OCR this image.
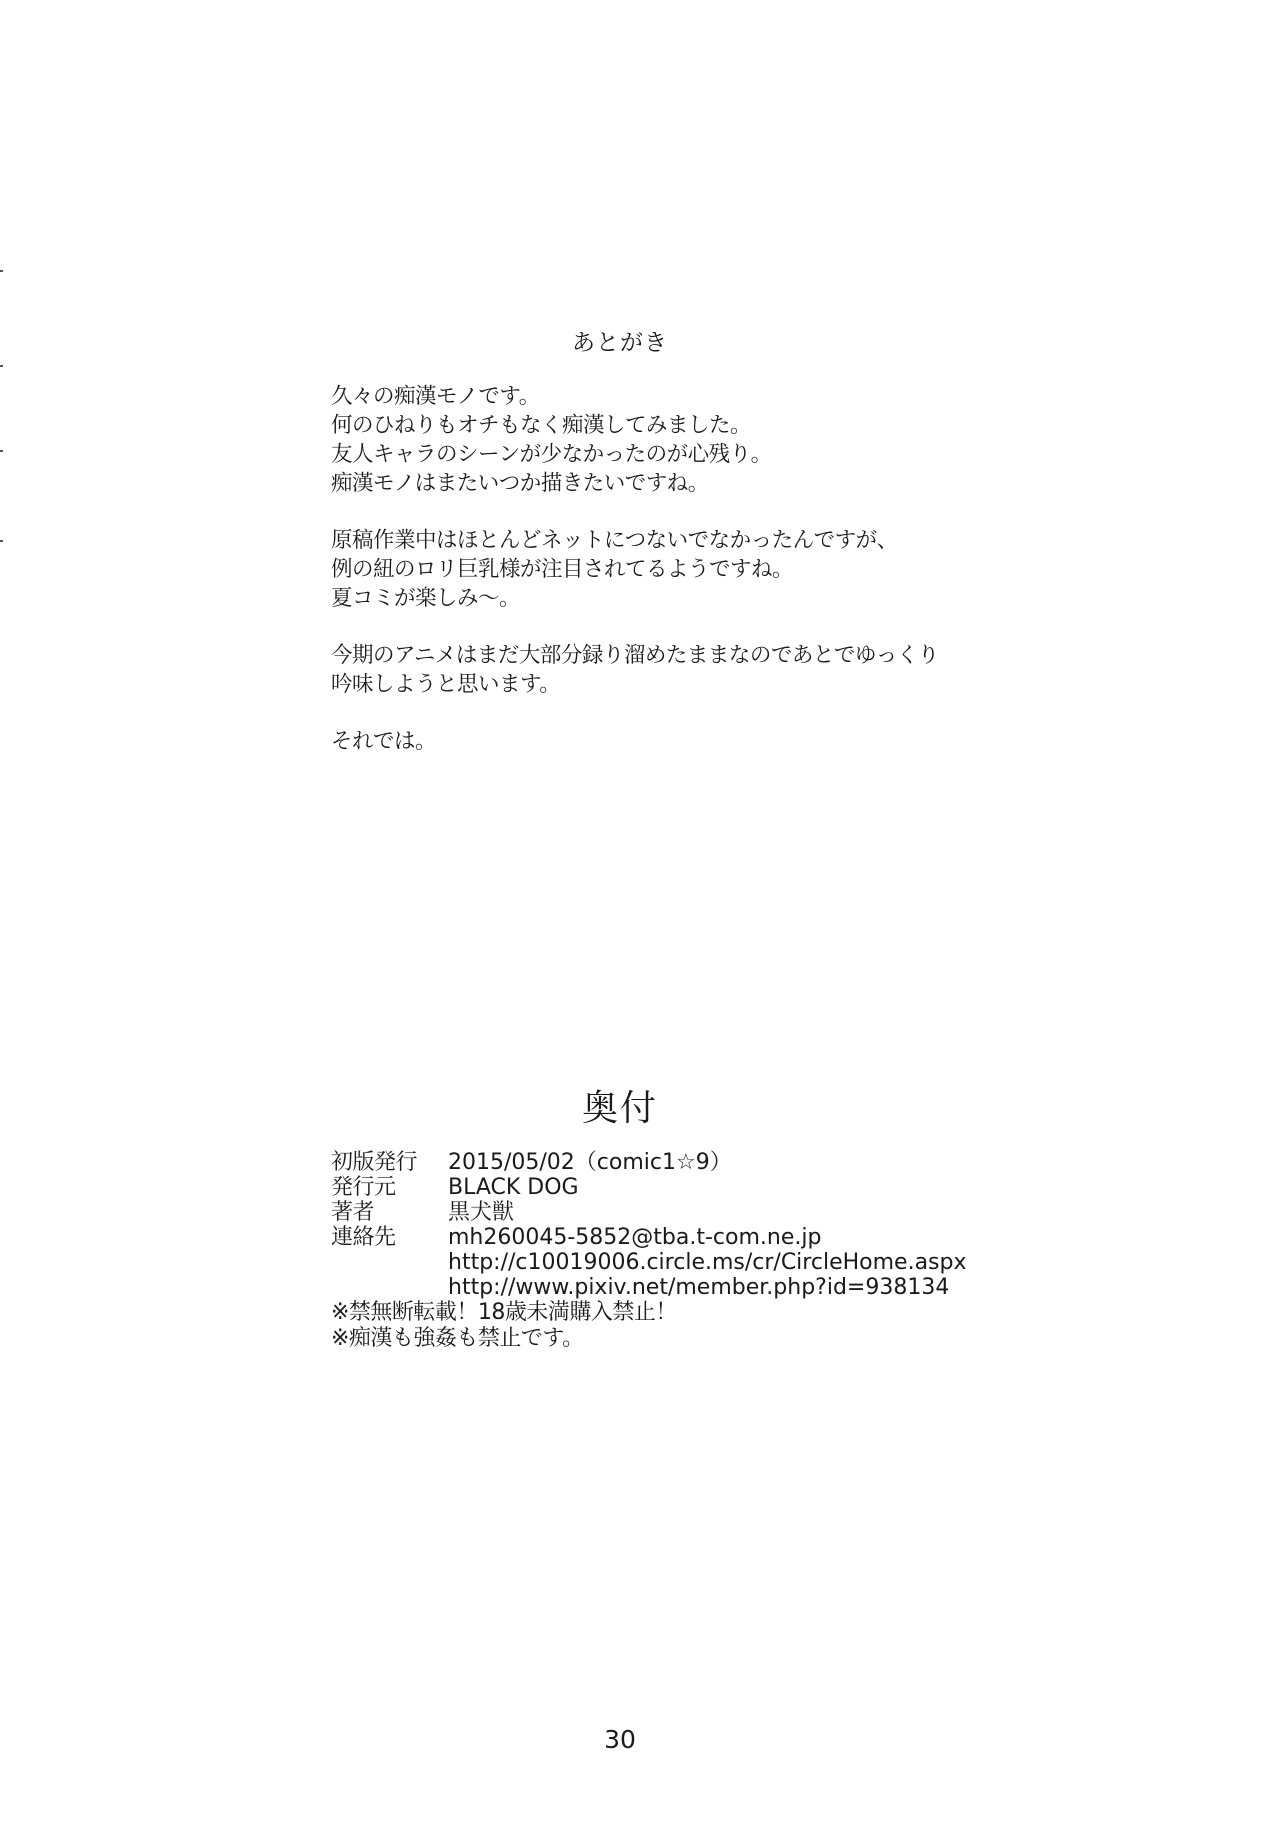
あとがき
久々の痴漢モノです。
何のひねりもオチもなく痴漢してみました。
友人キャラのシーンが少なかったのが心残り。
痴漢モノはまたいつか描きたいですね。
原稿作業中はほとんどネットにつないでなかったんですが、
例の紐のロリ巨乳様が注目されてるようですね。
夏コミが楽しみ～。
今期のアニメはまだ大部分録り溜めたままなのであとでゆっくり
吟味しようと思います。
それでは。
奥付
初版発行	2015/05/02（comic1☆9）
発行元	BLACK DOG
著者	黒犬獣
連絡先	mh260045-5852@tba.t-com.ne.jp
http://c10019006.circle.ms/cr/CircleHome.aspx
http://www.pixiv.net/member.php?id=938134
※禁無断転載！18歳未満購入禁止！
※痴漢も強姦も禁止です。
30
